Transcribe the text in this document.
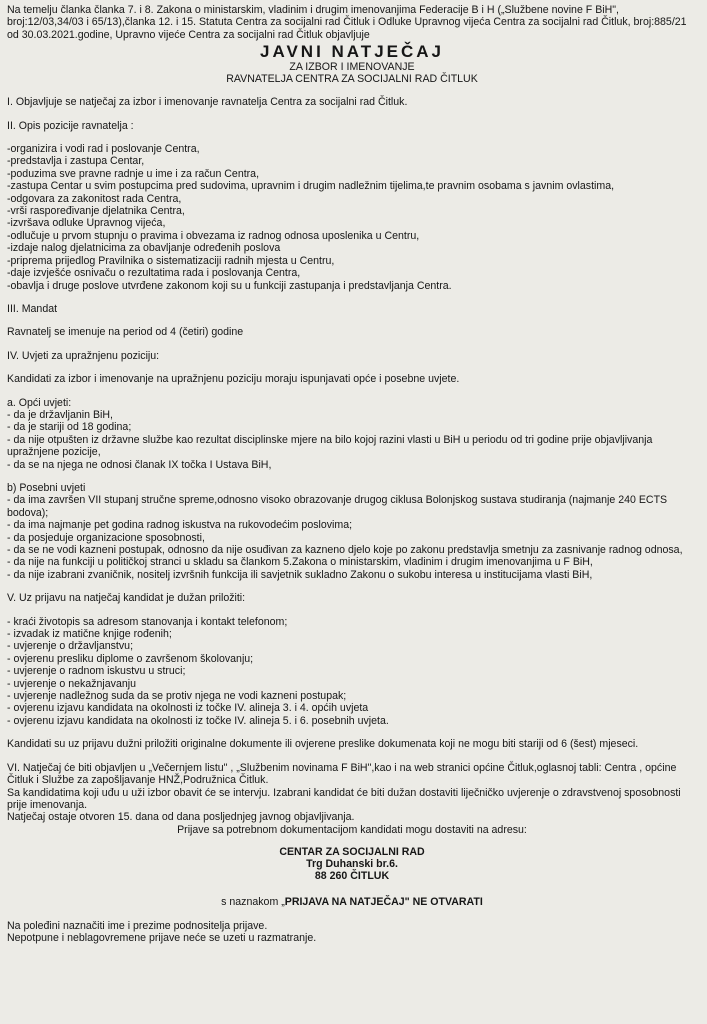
Na temelju članka članka 7. i 8. Zakona o ministarskim, vladinim i drugim imenovanjima Federacije B i H („Službene novine F BiH", broj:12/03,34/03 i 65/13),članka 12. i 15. Statuta Centra za socijalni rad Čitluk i Odluke Upravnog vijeća Centra za socijalni rad Čitluk, broj:885/21 od 30.03.2021.godine, Upravno vijeće Centra za socijalni rad Čitluk objavljuje

JAVNI NATJEČAJ
ZA IZBOR I IMENOVANJE
RAVNATELJA CENTRA ZA SOCIJALNI RAD ČITLUK

I. Objavljuje se natječaj za izbor i imenovanje ravnatelja Centra za socijalni rad Čitluk.

II. Opis pozicije ravnatelja :

-organizira i vodi rad i poslovanje Centra,
-predstavlja i zastupa Centar,
-poduzima sve pravne radnje u ime i za račun Centra,
-zastupa Centar u svim postupcima pred sudovima, upravnim i drugim nadležnim tijelima,te pravnim osobama s javnim ovlastima,
-odgovara za zakonitost rada Centra,
-vrši raspoređivanje djelatnika Centra,
-izvršava odluke Upravnog vijeća,
-odlučuje u prvom stupnju o pravima i obvezama iz radnog odnosa uposlenika u Centru,
-izdaje nalog djelatnicima za obavljanje određenih poslova
-priprema prijedlog Pravilnika o sistematizaciji radnih mjesta u Centru,
-daje izvješće osnivaču o rezultatima rada i poslovanja Centra,
-obavlja i druge poslove utvrđene zakonom koji su u funkciji zastupanja i predstavljanja Centra.

III. Mandat

Ravnatelj se imenuje na period od 4 (četiri) godine

IV. Uvjeti za upražnjenu poziciju:

Kandidati za izbor i imenovanje na upražnjenu poziciju moraju ispunjavati opće i posebne uvjete.

a. Opći uvjeti:

- da je državljanin BiH,
- da je stariji od 18 godina;
- da nije otpušten iz državne službe kao rezultat disciplinske mjere na bilo kojoj razini vlasti u BiH u periodu od tri godine prije objavljivanja upražnjene pozicije,
- da se na njega ne odnosi članak IX točka I Ustava BiH,

b) Posebni uvjeti

- da ima završen VII stupanj stručne spreme,odnosno visoko obrazovanje drugog ciklusa Bolonjskog sustava studiranja (najmanje 240 ECTS bodova);
- da ima najmanje pet godina radnog iskustva na rukovodećim poslovima;
- da posjeduje organizacione sposobnosti,
- da se ne vodi kazneni postupak, odnosno da nije osuđivan za kazneno djelo koje po zakonu predstavlja smetnju za zasnivanje radnog odnosa,
- da nije na funkciji u političkoj stranci u skladu sa člankom 5.Zakona o ministarskim, vladinim i drugim imenovanjima u F BiH,
- da nije izabrani zvaničnik, nositelj izvršnih funkcija ili savjetnik sukladno Zakonu o sukobu interesa u institucijama vlasti BiH,

V. Uz prijavu na natječaj kandidat je dužan priložiti:

- kraći životopis sa adresom stanovanja i kontakt telefonom;
- izvadak iz matične knjige rođenih;
- uvjerenje o državljanstvu;
- ovjerenu presliku diplome o završenom školovanju;
- uvjerenje o radnom iskustvu u struci;
- uvjerenje o nekažnjavanju
- uvjerenje nadležnog suda da se protiv njega ne vodi kazneni postupak;
- ovjerenu izjavu kandidata na okolnosti iz točke IV. alineja 3. i 4. općih uvjeta
- ovjerenu izjavu kandidata na okolnosti iz točke IV. alineja 5. i 6. posebnih uvjeta.

Kandidati su uz prijavu dužni priložiti originalne dokumente ili ovjerene preslike dokumenata koji ne mogu biti stariji od 6 (šest) mjeseci.

VI. Natječaj će biti objavljen u „Večernjem listu" , „Službenim novinama F BiH",kao i na web stranici općine Čitluk,oglasnoj tabli: Centra , općine Čitluk i Službe za zapošljavanje HNŽ,Podružnica Čitluk.

Sa kandidatima koji uđu u uži izbor obavit će se intervju. Izabrani kandidat će biti dužan dostaviti liječničko uvjerenje o zdravstvenoj sposobnosti prije imenovanja.

Natječaj ostaje otvoren 15. dana od dana posljednjeg javnog objavljivanja.

Prijave sa potrebnom dokumentacijom kandidati mogu dostaviti na adresu:

CENTAR ZA SOCIJALNI RAD
Trg Duhanski br.6.
88 260 ČITLUK

s naznakom „PRIJAVA NA NATJEČAJ" NE OTVARATI

Na poleđini naznačiti ime i prezime podnositelja prijave.

Nepotpune i neblagovremene prijave neće se uzeti u razmatranje.
